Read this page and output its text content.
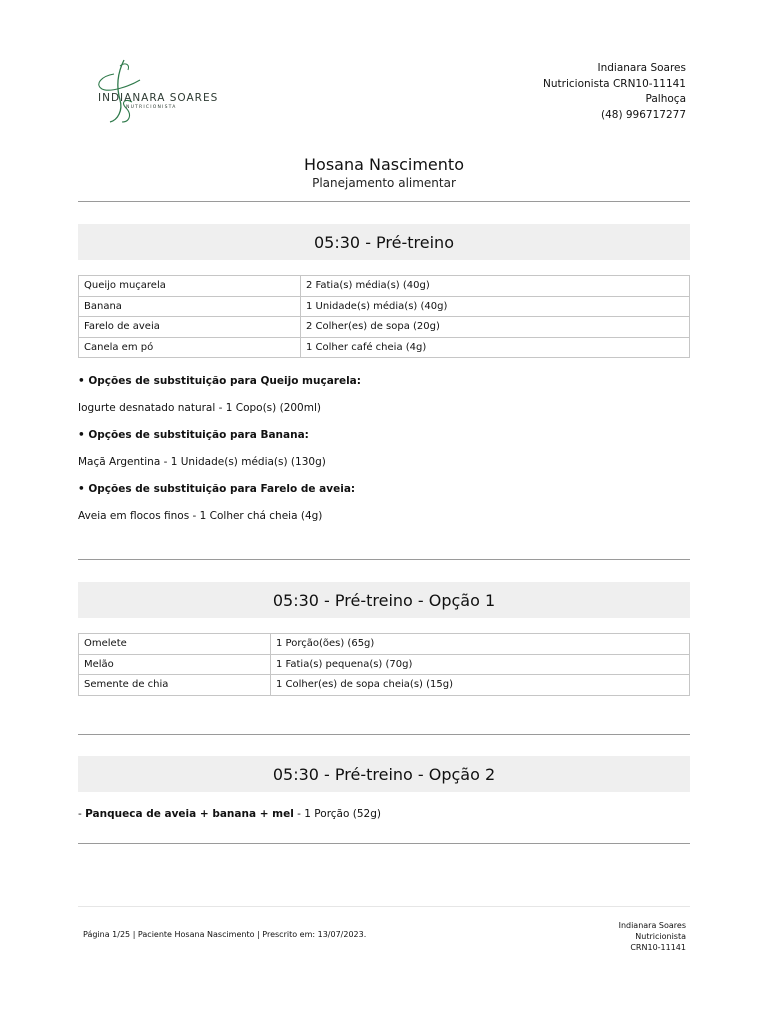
INDIANARA SOARES
NUTRICIONISTA
Indianara Soares
Nutricionista CRN10-11141
Palhoça
(48) 996717277
Hosana Nascimento
Planejamento alimentar
05:30 - Pré-treino
Queijo muçarela	2 Fatia(s) média(s) (40g)
Banana	1 Unidade(s) média(s) (40g)
Farelo de aveia	2 Colher(es) de sopa (20g)
Canela em pó	1 Colher café cheia (4g)
• Opções de substituição para Queijo muçarela:
Iogurte desnatado natural - 1 Copo(s) (200ml)
• Opções de substituição para Banana:
Maçã Argentina - 1 Unidade(s) média(s) (130g)
• Opções de substituição para Farelo de aveia:
Aveia em flocos finos - 1 Colher chá cheia (4g)
05:30 - Pré-treino - Opção 1
Omelete	1 Porção(ões) (65g)
Melão	1 Fatia(s) pequena(s) (70g)
Semente de chia	1 Colher(es) de sopa cheia(s) (15g)
05:30 - Pré-treino - Opção 2
- Panqueca de aveia + banana + mel - 1 Porção (52g)
Página 1/25 | Paciente Hosana Nascimento | Prescrito em: 13/07/2023.
Indianara Soares
Nutricionista
CRN10-11141
